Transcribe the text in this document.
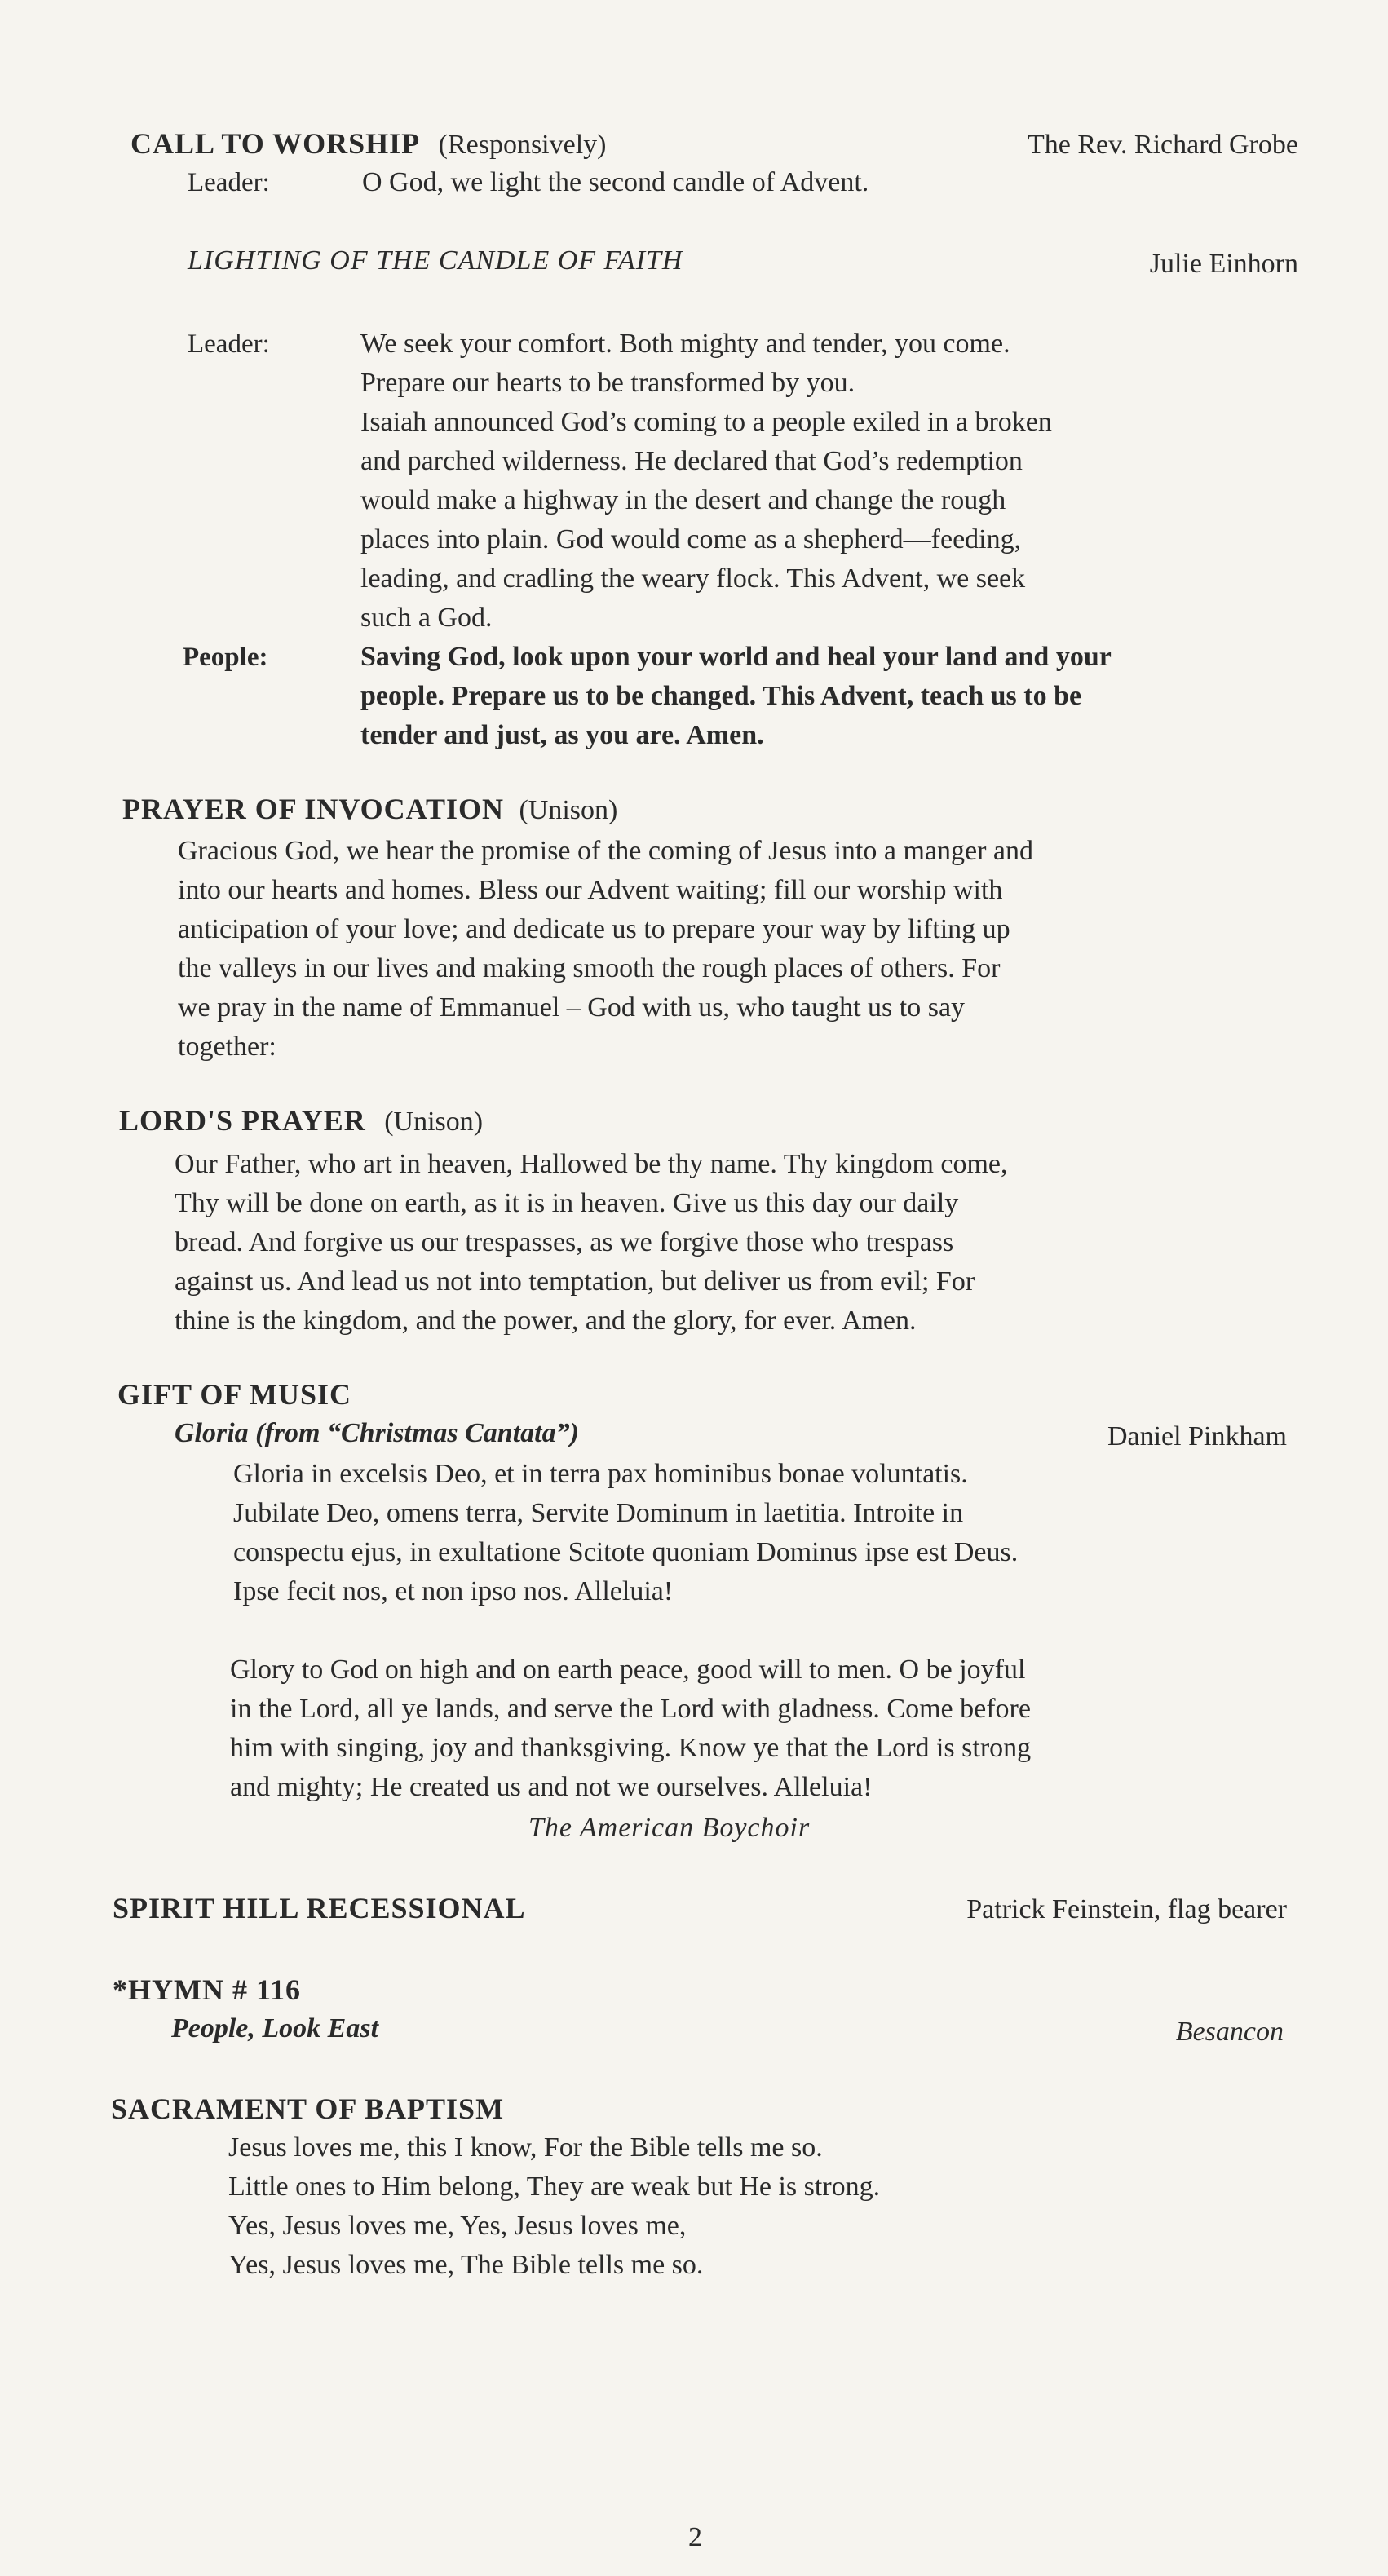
CALL TO WORSHIP (Responsively)	The Rev. Richard Grobe
Leader:	O God, we light the second candle of Advent.
LIGHTING OF THE CANDLE OF FAITH	Julie Einhorn
Leader:	We seek your comfort. Both mighty and tender, you come.
Prepare our hearts to be transformed by you.
Isaiah announced God’s coming to a people exiled in a broken
and parched wilderness. He declared that God’s redemption
would make a highway in the desert and change the rough
places into plain. God would come as a shepherd—feeding,
leading, and cradling the weary flock. This Advent, we seek
such a God.
People:	Saving God, look upon your world and heal your land and your
people. Prepare us to be changed. This Advent, teach us to be
tender and just, as you are. Amen.
PRAYER OF INVOCATION (Unison)
Gracious God, we hear the promise of the coming of Jesus into a manger and
into our hearts and homes. Bless our Advent waiting; fill our worship with
anticipation of your love; and dedicate us to prepare your way by lifting up
the valleys in our lives and making smooth the rough places of others. For
we pray in the name of Emmanuel – God with us, who taught us to say
together:
LORD'S PRAYER (Unison)
Our Father, who art in heaven, Hallowed be thy name. Thy kingdom come,
Thy will be done on earth, as it is in heaven. Give us this day our daily
bread. And forgive us our trespasses, as we forgive those who trespass
against us. And lead us not into temptation, but deliver us from evil; For
thine is the kingdom, and the power, and the glory, for ever. Amen.
GIFT OF MUSIC
Gloria (from “Christmas Cantata”)	Daniel Pinkham
Gloria in excelsis Deo, et in terra pax hominibus bonae voluntatis.
Jubilate Deo, omens terra, Servite Dominum in laetitia. Introite in
conspectu ejus, in exultatione Scitote quoniam Dominus ipse est Deus.
Ipse fecit nos, et non ipso nos. Alleluia!
Glory to God on high and on earth peace, good will to men. O be joyful
in the Lord, all ye lands, and serve the Lord with gladness. Come before
him with singing, joy and thanksgiving. Know ye that the Lord is strong
and mighty; He created us and not we ourselves. Alleluia!
The American Boychoir
SPIRIT HILL RECESSIONAL	Patrick Feinstein, flag bearer
*HYMN # 116
People, Look East	Besancon
SACRAMENT OF BAPTISM
Jesus loves me, this I know, For the Bible tells me so.
Little ones to Him belong, They are weak but He is strong.
Yes, Jesus loves me, Yes, Jesus loves me,
Yes, Jesus loves me, The Bible tells me so.
2
